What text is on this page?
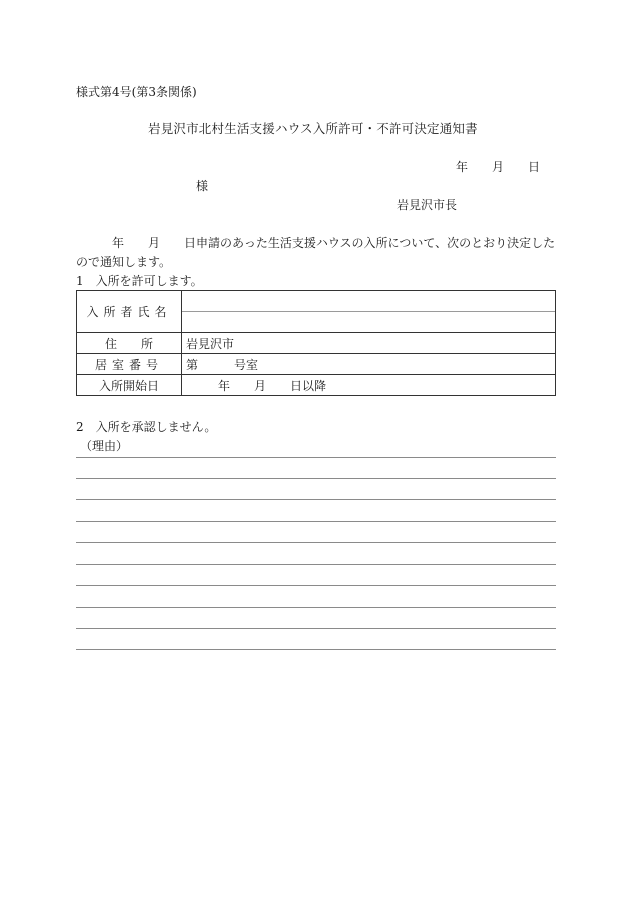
様式第4号(第3条関係)
岩見沢市北村生活支援ハウス入所許可・不許可決定通知書
年 月 日
様
岩見沢市長
年 月 日申請のあった生活支援ハウスの入所について、次のとおり決定した
ので通知します。
1　入所を許可します。
入所者氏名	

住　　所	岩見沢市
居室番号	第 号室
入所開始日	年 月 日以降
2　入所を承認しません。
（理由）
